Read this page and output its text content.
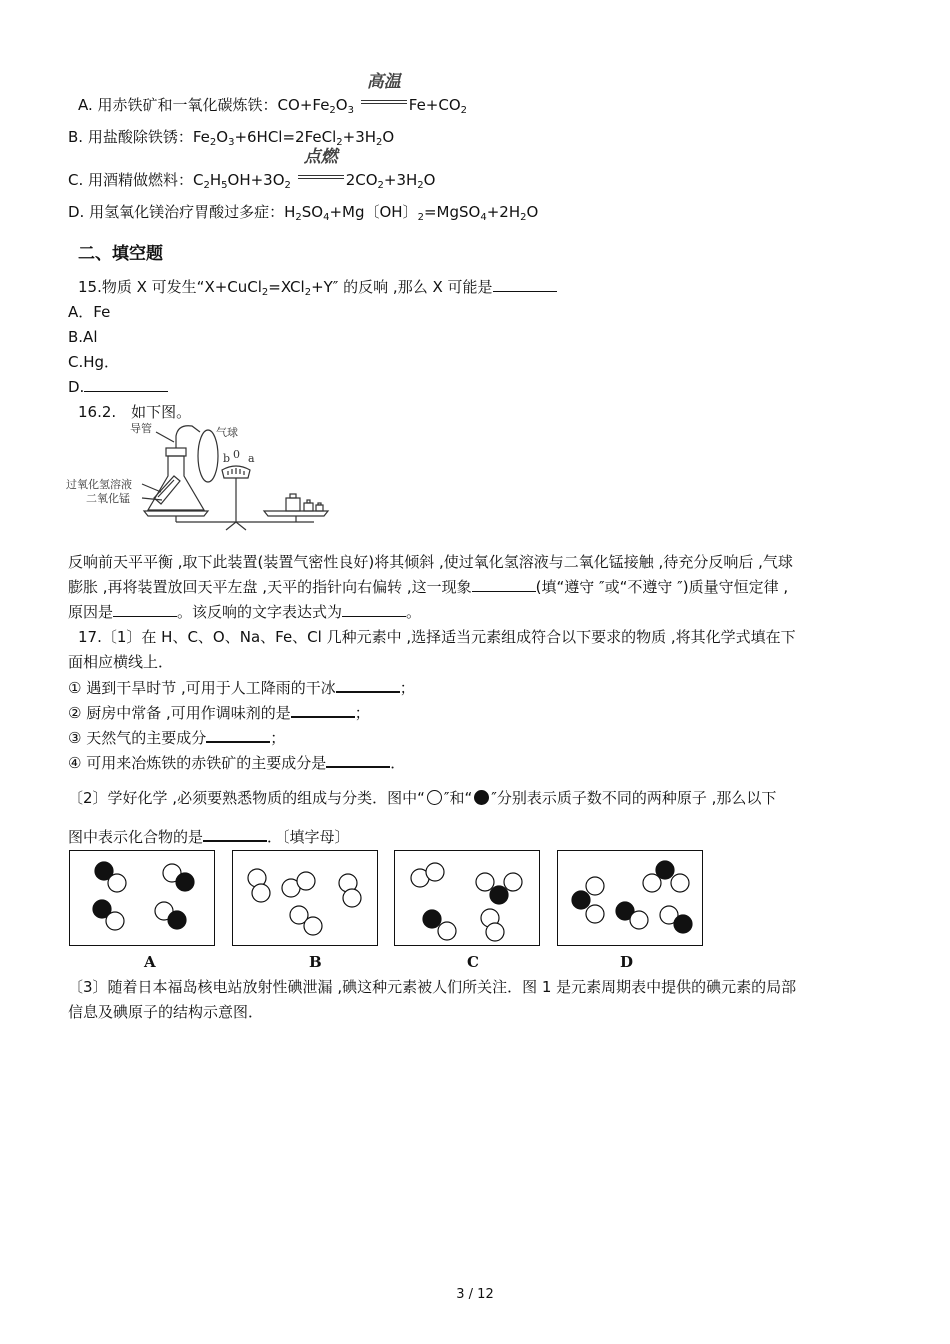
A. 用赤铁矿和一氧化碳炼铁：$CO+Fe_2O_3$
高温
$Fe+CO_2$
B. 用盐酸除铁锈：$Fe_2O_3+6HCl=2FeCl_2+3H_2O$
C. 用酒精做燃料：$C_2H_5OH+3O_2$
点燃
$2CO_2+3H_2O$
D. 用氢氧化镁治疗胃酸过多症：$H_2SO_4+Mg$〔OH〕$_2=MgSO_4+2H_2O$
二、填空题
15.物质 X 可发生“X+CuCl$_2$=XCl$_2$+Y″ 的反响 ,那么 X 可能是
A．Fe
B.Al
C.Hg．
D.
16.2.　如下图。
导管	气球
过氧化氢溶液
二氧化锰
b 0 a
反响前天平平衡 ,取下此装置(装置气密性良好)将其倾斜 ,使过氧化氢溶液与二氧化锰接触 ,待充分反响后 ,气球
膨胀 ,再将装置放回天平左盘 ,天平的指针向右偏转 ,这一现象	(填“遵守 ″或“不遵守 ″)质量守恒定律 ,
原因是	。该反响的文字表达式为	。
17.〔1〕在 H、C、O、Na、Fe、Cl 几种元素中 ,选择适当元素组成符合以下要求的物质 ,将其化学式填在下
面相应横线上．
① 遇到干旱时节 ,可用于人工降雨的干冰	；
② 厨房中常备 ,可用作调味剂的是	；
③ 天然气的主要成分	；
④ 可用来冶炼铁的赤铁矿的主要成分是	．
〔2〕学好化学 ,必须要熟悉物质的组成与分类．图中“ ″和“ ″分别表示质子数不同的两种原子 ,那么以下
图中表示化合物的是	．〔填字母〕
A	B	C	D
〔3〕随着日本福岛核电站放射性碘泄漏 ,碘这种元素被人们所关注．图 1 是元素周期表中提供的碘元素的局部
信息及碘原子的结构示意图．
3 / 12
